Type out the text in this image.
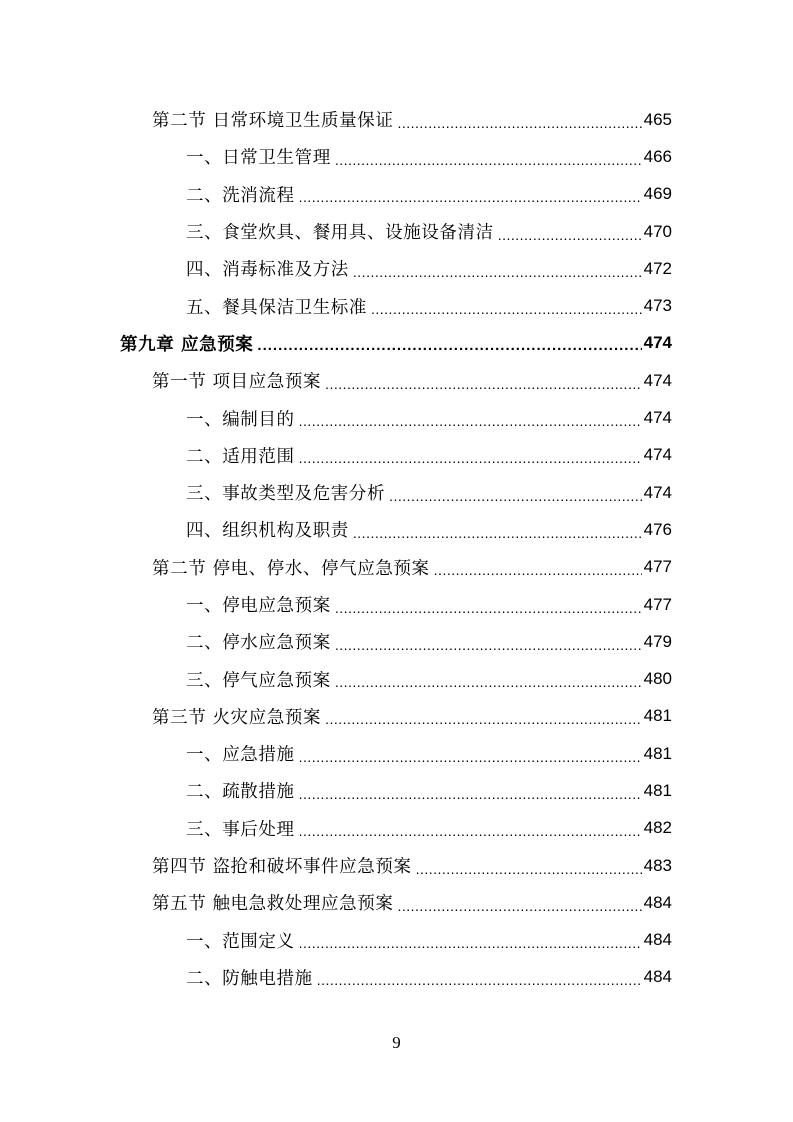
第二节 日常环境卫生质量保证 .....	465
一、日常卫生管理 .....	466
二、洗消流程 .....	469
三、食堂炊具、餐用具、设施设备清洁 .....	470
四、消毒标准及方法 .....	472
五、餐具保洁卫生标准 .....	473
第九章 应急预案 .....	474
第一节 项目应急预案 .....	474
一、编制目的 .....	474
二、适用范围 .....	474
三、事故类型及危害分析 .....	474
四、组织机构及职责 .....	476
第二节 停电、停水、停气应急预案 .....	477
一、停电应急预案 .....	477
二、停水应急预案 .....	479
三、停气应急预案 .....	480
第三节 火灾应急预案 .....	481
一、应急措施 .....	481
二、疏散措施 .....	481
三、事后处理 .....	482
第四节 盗抢和破坏事件应急预案 .....	483
第五节 触电急救处理应急预案 .....	484
一、范围定义 .....	484
二、防触电措施 .....	484
9
